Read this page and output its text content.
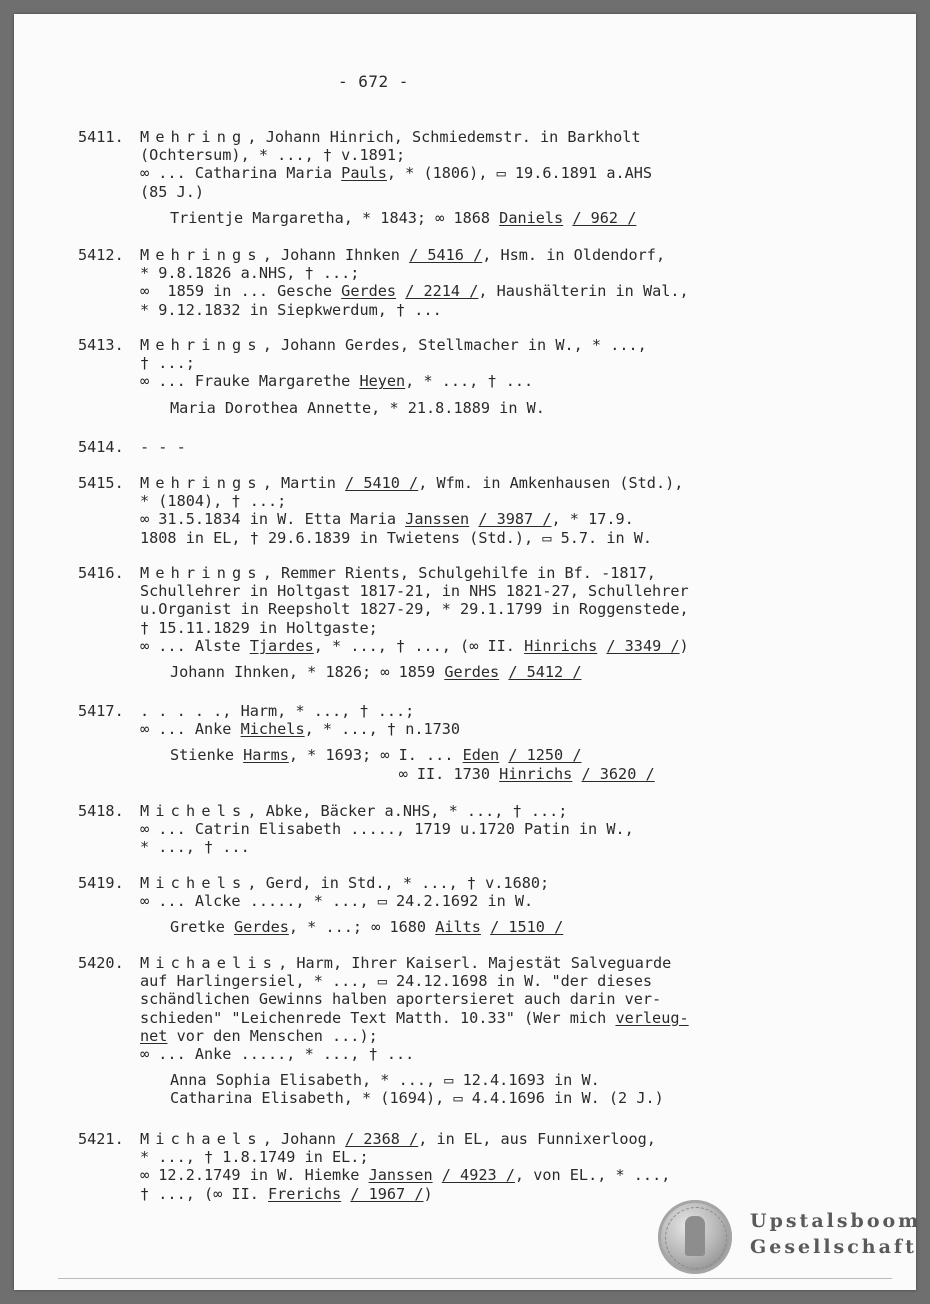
- 672 -
5411.	Mehring, Johann Hinrich, Schmiedemstr. in Barkholt
(Ochtersum), * ..., † v.1891;
∞ ... Catharina Maria Pauls, * (1806), ▭ 19.6.1891 a.AHS
(85 J.)
Trientje Margaretha, * 1843; ∞ 1868 Daniels / 962 /
5412.	Mehrings, Johann Ihnken / 5416 /, Hsm. in Oldendorf,
* 9.8.1826 a.NHS, † ...;
∞  1859 in ... Gesche Gerdes / 2214 /, Haushälterin in Wal.,
* 9.12.1832 in Siepkwerdum, † ...
5413.	Mehrings, Johann Gerdes, Stellmacher in W., * ...,
† ...;
∞ ... Frauke Margarethe Heyen, * ..., † ...
Maria Dorothea Annette, * 21.8.1889 in W.
5414.	- - -
5415.	Mehrings, Martin / 5410 /, Wfm. in Amkenhausen (Std.),
* (1804), † ...;
∞ 31.5.1834 in W. Etta Maria Janssen / 3987 /, * 17.9.
1808 in EL, † 29.6.1839 in Twietens (Std.), ▭ 5.7. in W.
5416.	Mehrings, Remmer Rients, Schulgehilfe in Bf. -1817,
Schullehrer in Holtgast 1817-21, in NHS 1821-27, Schullehrer
u.Organist in Reepsholt 1827-29, * 29.1.1799 in Roggenstede,
† 15.11.1829 in Holtgaste;
∞ ... Alste Tjardes, * ..., † ..., (∞ II. Hinrichs / 3349 /)
Johann Ihnken, * 1826; ∞ 1859 Gerdes / 5412 /
5417.	. . . . ., Harm, * ..., † ...;
∞ ... Anke Michels, * ..., † n.1730
Stienke Harms, * 1693; ∞ I. ... Eden / 1250 /
∞ II. 1730 Hinrichs / 3620 /
5418.	Michels, Abke, Bäcker a.NHS, * ..., † ...;
∞ ... Catrin Elisabeth ....., 1719 u.1720 Patin in W.,
* ..., † ...
5419.	Michels, Gerd, in Std., * ..., † v.1680;
∞ ... Alcke ....., * ..., ▭ 24.2.1692 in W.
Gretke Gerdes, * ...; ∞ 1680 Ailts / 1510 /
5420.	Michaelis, Harm, Ihrer Kaiserl. Majestät Salveguarde
auf Harlingersiel, * ..., ▭ 24.12.1698 in W. "der dieses
schändlichen Gewinns halben aportersieret auch darin ver-
schieden" "Leichenrede Text Matth. 10.33" (Wer mich verleug-
net vor den Menschen ...);
∞ ... Anke ....., * ..., † ...
Anna Sophia Elisabeth, * ..., ▭ 12.4.1693 in W.
Catharina Elisabeth, * (1694), ▭ 4.4.1696 in W. (2 J.)
5421.	Michaels, Johann / 2368 /, in EL, aus Funnixerloog,
* ..., † 1.8.1749 in EL.;
∞ 12.2.1749 in W. Hiemke Janssen / 4923 /, von EL., * ...,
† ..., (∞ II. Frerichs / 1967 /)
Upstalsboom
Gesellschaft
